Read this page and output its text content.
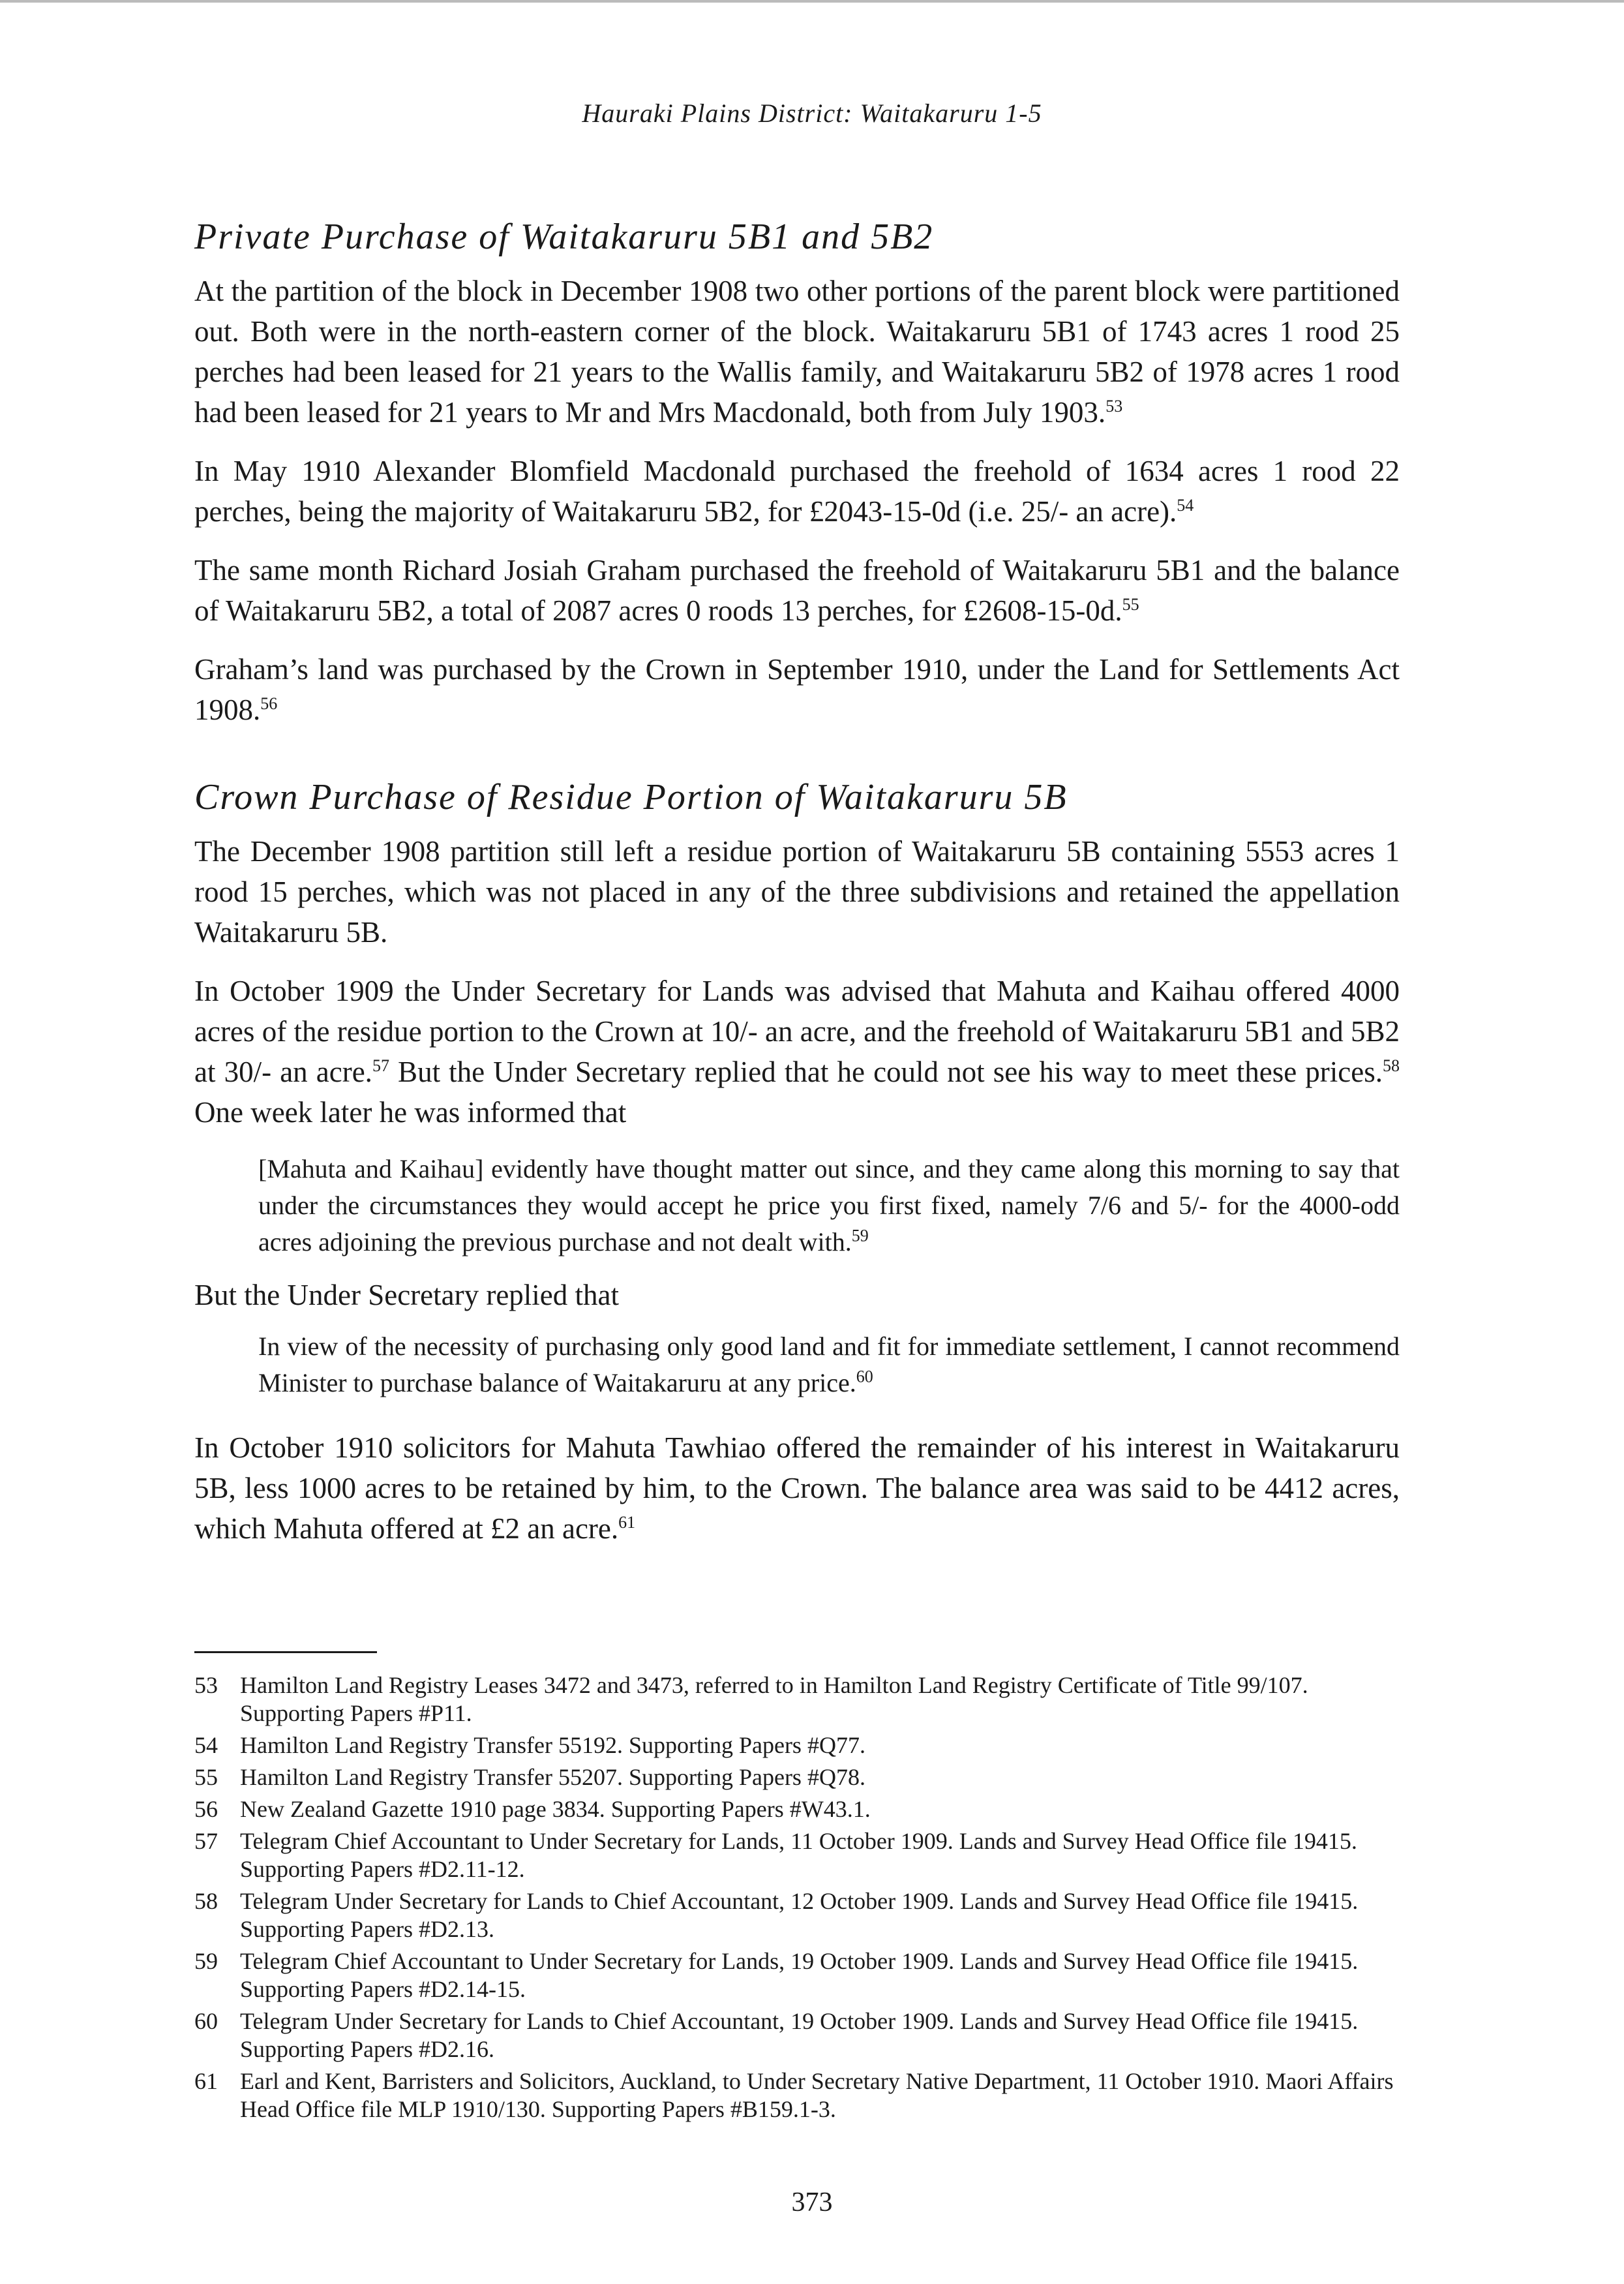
Hauraki Plains District: Waitakaruru 1-5
Private Purchase of Waitakaruru 5B1 and 5B2

At the partition of the block in December 1908 two other portions of the parent block were partitioned out. Both were in the north-eastern corner of the block. Waitakaruru 5B1 of 1743 acres 1 rood 25 perches had been leased for 21 years to the Wallis family, and Waitakaruru 5B2 of 1978 acres 1 rood had been leased for 21 years to Mr and Mrs Macdonald, both from July 1903.53

In May 1910 Alexander Blomfield Macdonald purchased the freehold of 1634 acres 1 rood 22 perches, being the majority of Waitakaruru 5B2, for £2043-15-0d (i.e. 25/- an acre).$^{54}$

The same month Richard Josiah Graham purchased the freehold of Waitakaruru 5B1 and the balance of Waitakaruru 5B2, a total of 2087 acres 0 roods 13 perches, for £2608-15-0d.$^{55}$

Graham’s land was purchased by the Crown in September 1910, under the Land for Settlements Act 1908.56

Crown Purchase of Residue Portion of Waitakaruru 5B

The December 1908 partition still left a residue portion of Waitakaruru 5B containing 5553 acres 1 rood 15 perches, which was not placed in any of the three subdivisions and retained the appellation Waitakaruru 5B.

In October 1909 the Under Secretary for Lands was advised that Mahuta and Kaihau offered 4000 acres of the residue portion to the Crown at 10/- an acre, and the freehold of Waitakaruru 5B1 and 5B2 at 30/- an acre.$^{57}$ But the Under Secretary replied that he could not see his way to meet these prices.$^{58}$ One week later he was informed that

[Mahuta and Kaihau] evidently have thought matter out since, and they came along this morning to say that under the circumstances they would accept he price you first fixed, namely 7/6 and 5/- for the 4000-odd acres adjoining the previous purchase and not dealt with.$^{59}$

But the Under Secretary replied that

In view of the necessity of purchasing only good land and fit for immediate settlement, I cannot recommend Minister to purchase balance of Waitakaruru at any price.$^{60}$

In October 1910 solicitors for Mahuta Tawhiao offered the remainder of his interest in Waitakaruru 5B, less 1000 acres to be retained by him, to the Crown. The balance area was said to be 4412 acres, which Mahuta offered at £2 an acre.$^{61}$

53 Hamilton Land Registry Leases 3472 and 3473, referred to in Hamilton Land Registry Certificate of Title 99/107. Supporting Papers #P11.
54 Hamilton Land Registry Transfer 55192. Supporting Papers #Q77.
55 Hamilton Land Registry Transfer 55207. Supporting Papers #Q78.
56 New Zealand Gazette 1910 page 3834. Supporting Papers #W43.1.
57 Telegram Chief Accountant to Under Secretary for Lands, 11 October 1909. Lands and Survey Head Office file 19415. Supporting Papers #D2.11-12.
58 Telegram Under Secretary for Lands to Chief Accountant, 12 October 1909. Lands and Survey Head Office file 19415. Supporting Papers #D2.13.
59 Telegram Chief Accountant to Under Secretary for Lands, 19 October 1909. Lands and Survey Head Office file 19415. Supporting Papers #D2.14-15.
60 Telegram Under Secretary for Lands to Chief Accountant, 19 October 1909. Lands and Survey Head Office file 19415. Supporting Papers #D2.16.
61 Earl and Kent, Barristers and Solicitors, Auckland, to Under Secretary Native Department, 11 October 1910. Maori Affairs Head Office file MLP 1910/130. Supporting Papers #B159.1-3.
373
